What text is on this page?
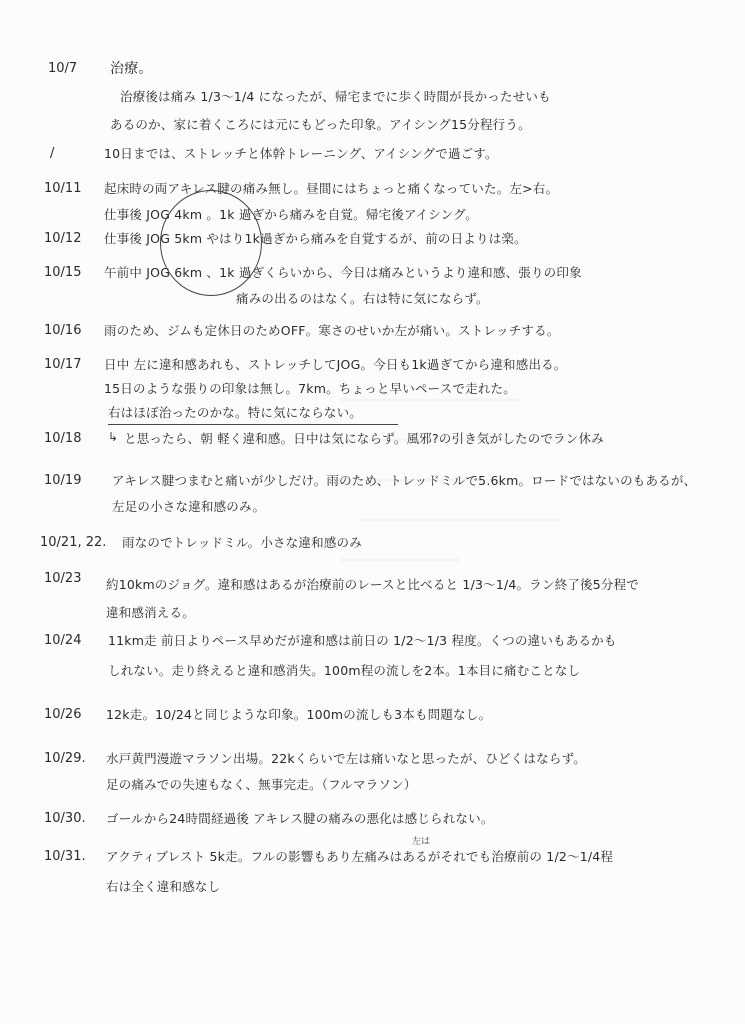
10/7	治療。
治療後は痛み 1/3〜1/4 になったが、帰宅までに歩く時間が長かったせいも
あるのか、家に着くころには元にもどった印象。アイシング15分程行う。
/	10日までは、ストレッチと体幹トレーニング、アイシングで過ごす。
10/11	起床時の両アキレス腱の痛み無し。昼間にはちょっと痛くなっていた。左>右。
仕事後 JOG 4km 。1k 過ぎから痛みを自覚。帰宅後アイシング。
10/12	仕事後 JOG 5km やはり1k過ぎから痛みを自覚するが、前の日よりは楽。
10/15	午前中 JOG 6km 、1k 過ぎくらいから、今日は痛みというより違和感、張りの印象
痛みの出るのはなく。右は特に気にならず。
10/16	雨のため、ジムも定休日のためOFF。寒さのせいか左が痛い。ストレッチする。
10/17	日中 左に違和感あれも、ストレッチしてJOG。今日も1k過ぎてから違和感出る。
15日のような張りの印象は無し。7km。ちょっと早いペースで走れた。
右はほぼ治ったのかな。特に気にならない。
10/18	↳ と思ったら、朝 軽く違和感。日中は気にならず。風邪?の引き気がしたのでラン休み
10/19	アキレス腱つまむと痛いが少しだけ。雨のため、トレッドミルで5.6km。ロードではないのもあるが、
左足の小さな違和感のみ。
10/21, 22. 雨なのでトレッドミル。小さな違和感のみ
10/23	約10kmのジョグ。違和感はあるが治療前のレースと比べると 1/3〜1/4。ラン終了後5分程で
違和感消える。
10/24	11km走 前日よりペース早めだが違和感は前日の 1/2〜1/3 程度。くつの違いもあるかも
しれない。走り終えると違和感消失。100m程の流しを2本。1本目に痛むことなし
10/26	12k走。10/24と同じような印象。100mの流しも3本も問題なし。
10/29.	水戸黄門漫遊マラソン出場。22kくらいで左は痛いなと思ったが、ひどくはならず。
足の痛みでの失速もなく、無事完走。（フルマラソン）
10/30.	ゴールから24時間経過後 アキレス腱の痛みの悪化は感じられない。
左は
10/31.	アクティブレスト 5k走。フルの影響もあり左痛みはあるがそれでも治療前の 1/2〜1/4程
右は全く違和感なし
